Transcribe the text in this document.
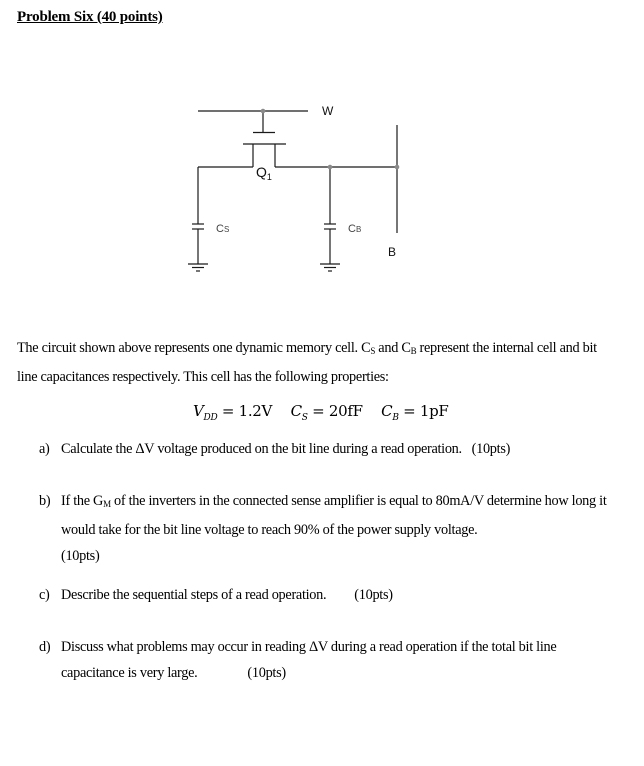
Problem Six (40 points)
W
$Q_1$
CS	CB
B
The circuit shown above represents one dynamic memory cell. $C_S$ and $C_B$ represent the internal cell and bit line capacitances respectively. This cell has the following properties:
$V_{DD} = 1.2V$ $C_S = 20fF$ $C_B = 1pF$
a) Calculate the ΔV voltage produced on the bit line during a read operation. (10pts)
b) If the $G_M$ of the inverters in the connected sense amplifier is equal to 80mA/V determine how long it would take for the bit line voltage to reach 90% of the power supply voltage.
(10pts)
c) Describe the sequential steps of a read operation. (10pts)
d) Discuss what problems may occur in reading ΔV during a read operation if the total bit line capacitance is very large.	(10pts)
